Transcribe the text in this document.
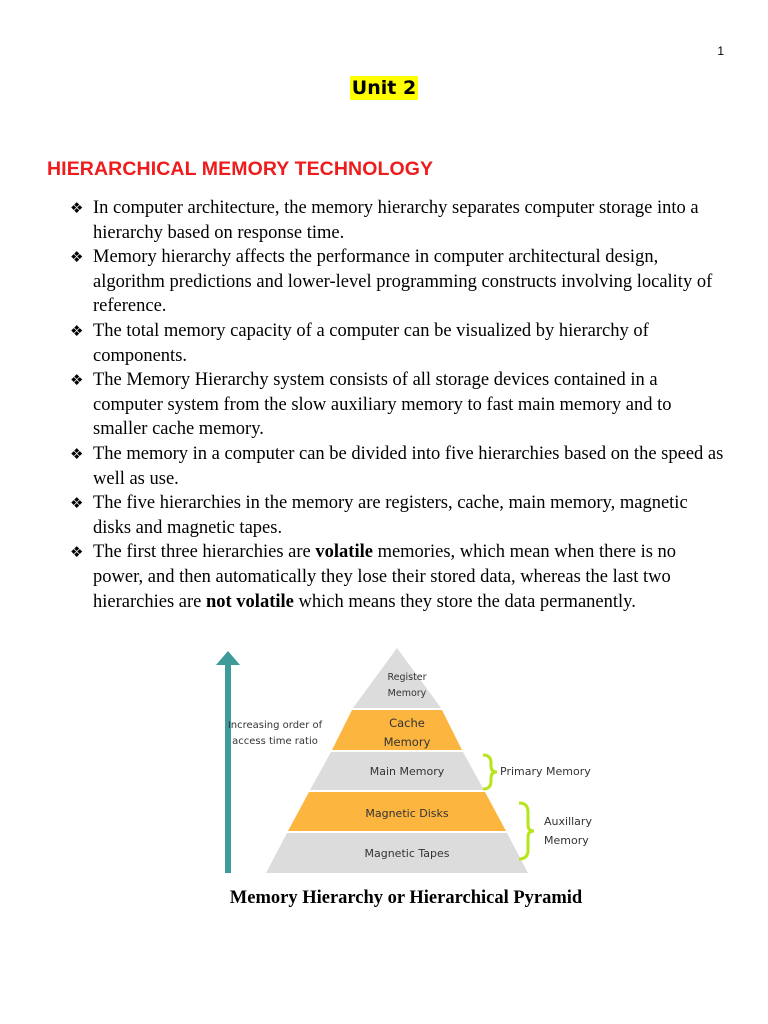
1
Unit 2
HIERARCHICAL MEMORY TECHNOLOGY
❖ In computer architecture, the memory hierarchy separates computer storage into a hierarchy based on response time.
❖ Memory hierarchy affects the performance in computer architectural design, algorithm predictions and lower-level programming constructs involving locality of reference.
❖ The total memory capacity of a computer can be visualized by hierarchy of components.
❖ The Memory Hierarchy system consists of all storage devices contained in a computer system from the slow auxiliary memory to fast main memory and to smaller cache memory.
❖ The memory in a computer can be divided into five hierarchies based on the speed as well as use.
❖ The five hierarchies in the memory are registers, cache, main memory, magnetic disks and magnetic tapes.
❖ The first three hierarchies are volatile memories, which mean when there is no power, and then automatically they lose their stored data, whereas the last two hierarchies are not volatile which means they store the data permanently.
Increasing order of
access time ratio
Register
Memory
Cache
Memory
Main Memory
Magnetic Disks
Magnetic Tapes
Primary Memory
Auxillary
Memory

Memory Hierarchy or Hierarchical Pyramid
